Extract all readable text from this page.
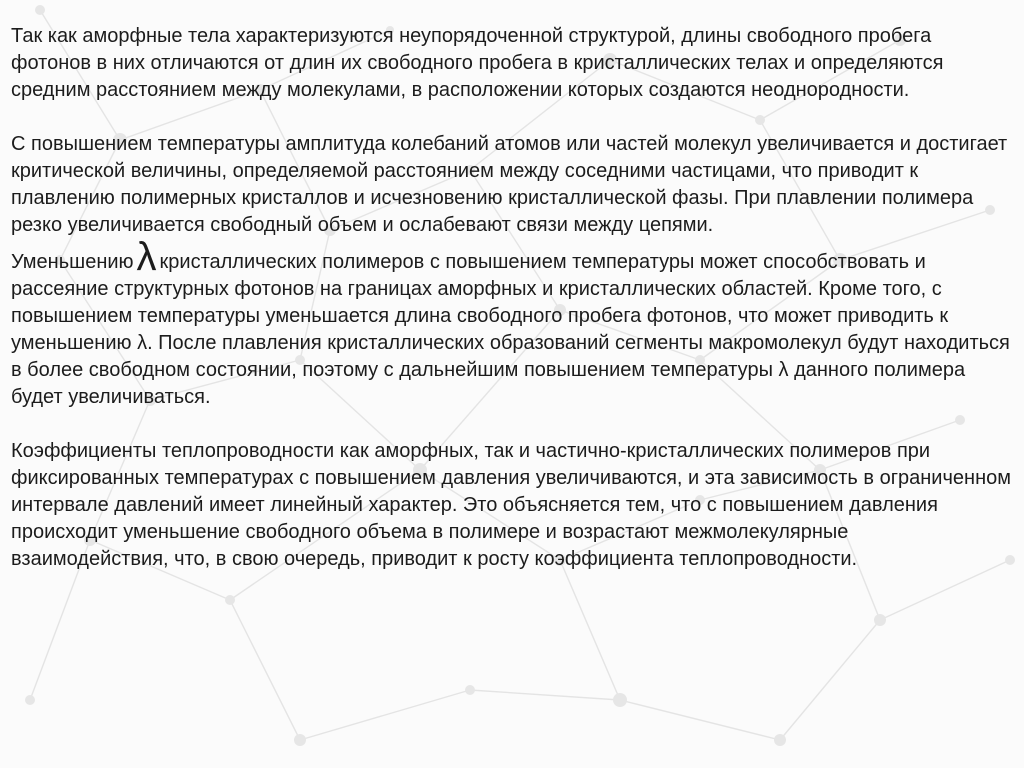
Так как аморфные тела характеризуются неупорядоченной структурой, длины свободного пробега фотонов в них отличаются от длин их свободного пробега в кристаллических телах и определяются средним расстоянием между молекулами, в расположении которых создаются неоднородности.

С повышением температуры амплитуда колебаний атомов или частей молекул увеличивается и достигает критической величины, определяемой расстоянием между соседними частицами, что приводит к плавлению полимерных кристаллов и исчезновению кристаллической фазы. При плавлении полимера резко увеличивается свободный объем и ослабевают связи между цепями.

Уменьшениюλ кристаллических полимеров с повышением температуры может способствовать и рассеяние структурных фотонов на границах аморфных и кристаллических областей. Кроме того, с повышением температуры уменьшается длина свободного пробега фотонов, что может приводить к уменьшению λ. После плавления кристаллических образований сегменты макромолекул будут находиться в более свободном состоянии, поэтому с дальнейшим повышением температуры λ данного полимера будет увеличиваться.

Коэффициенты теплопроводности как аморфных, так и частично-кристаллических полимеров при фиксированных температурах с повышением давления увеличиваются, и эта зависимость в ограниченном интервале давлений имеет линейный характер. Это объясняется тем, что с повышением давления происходит уменьшение свободного объема в полимере и возрастают межмолекулярные взаимодействия, что, в свою очередь, приводит к росту коэффициента теплопроводности.
